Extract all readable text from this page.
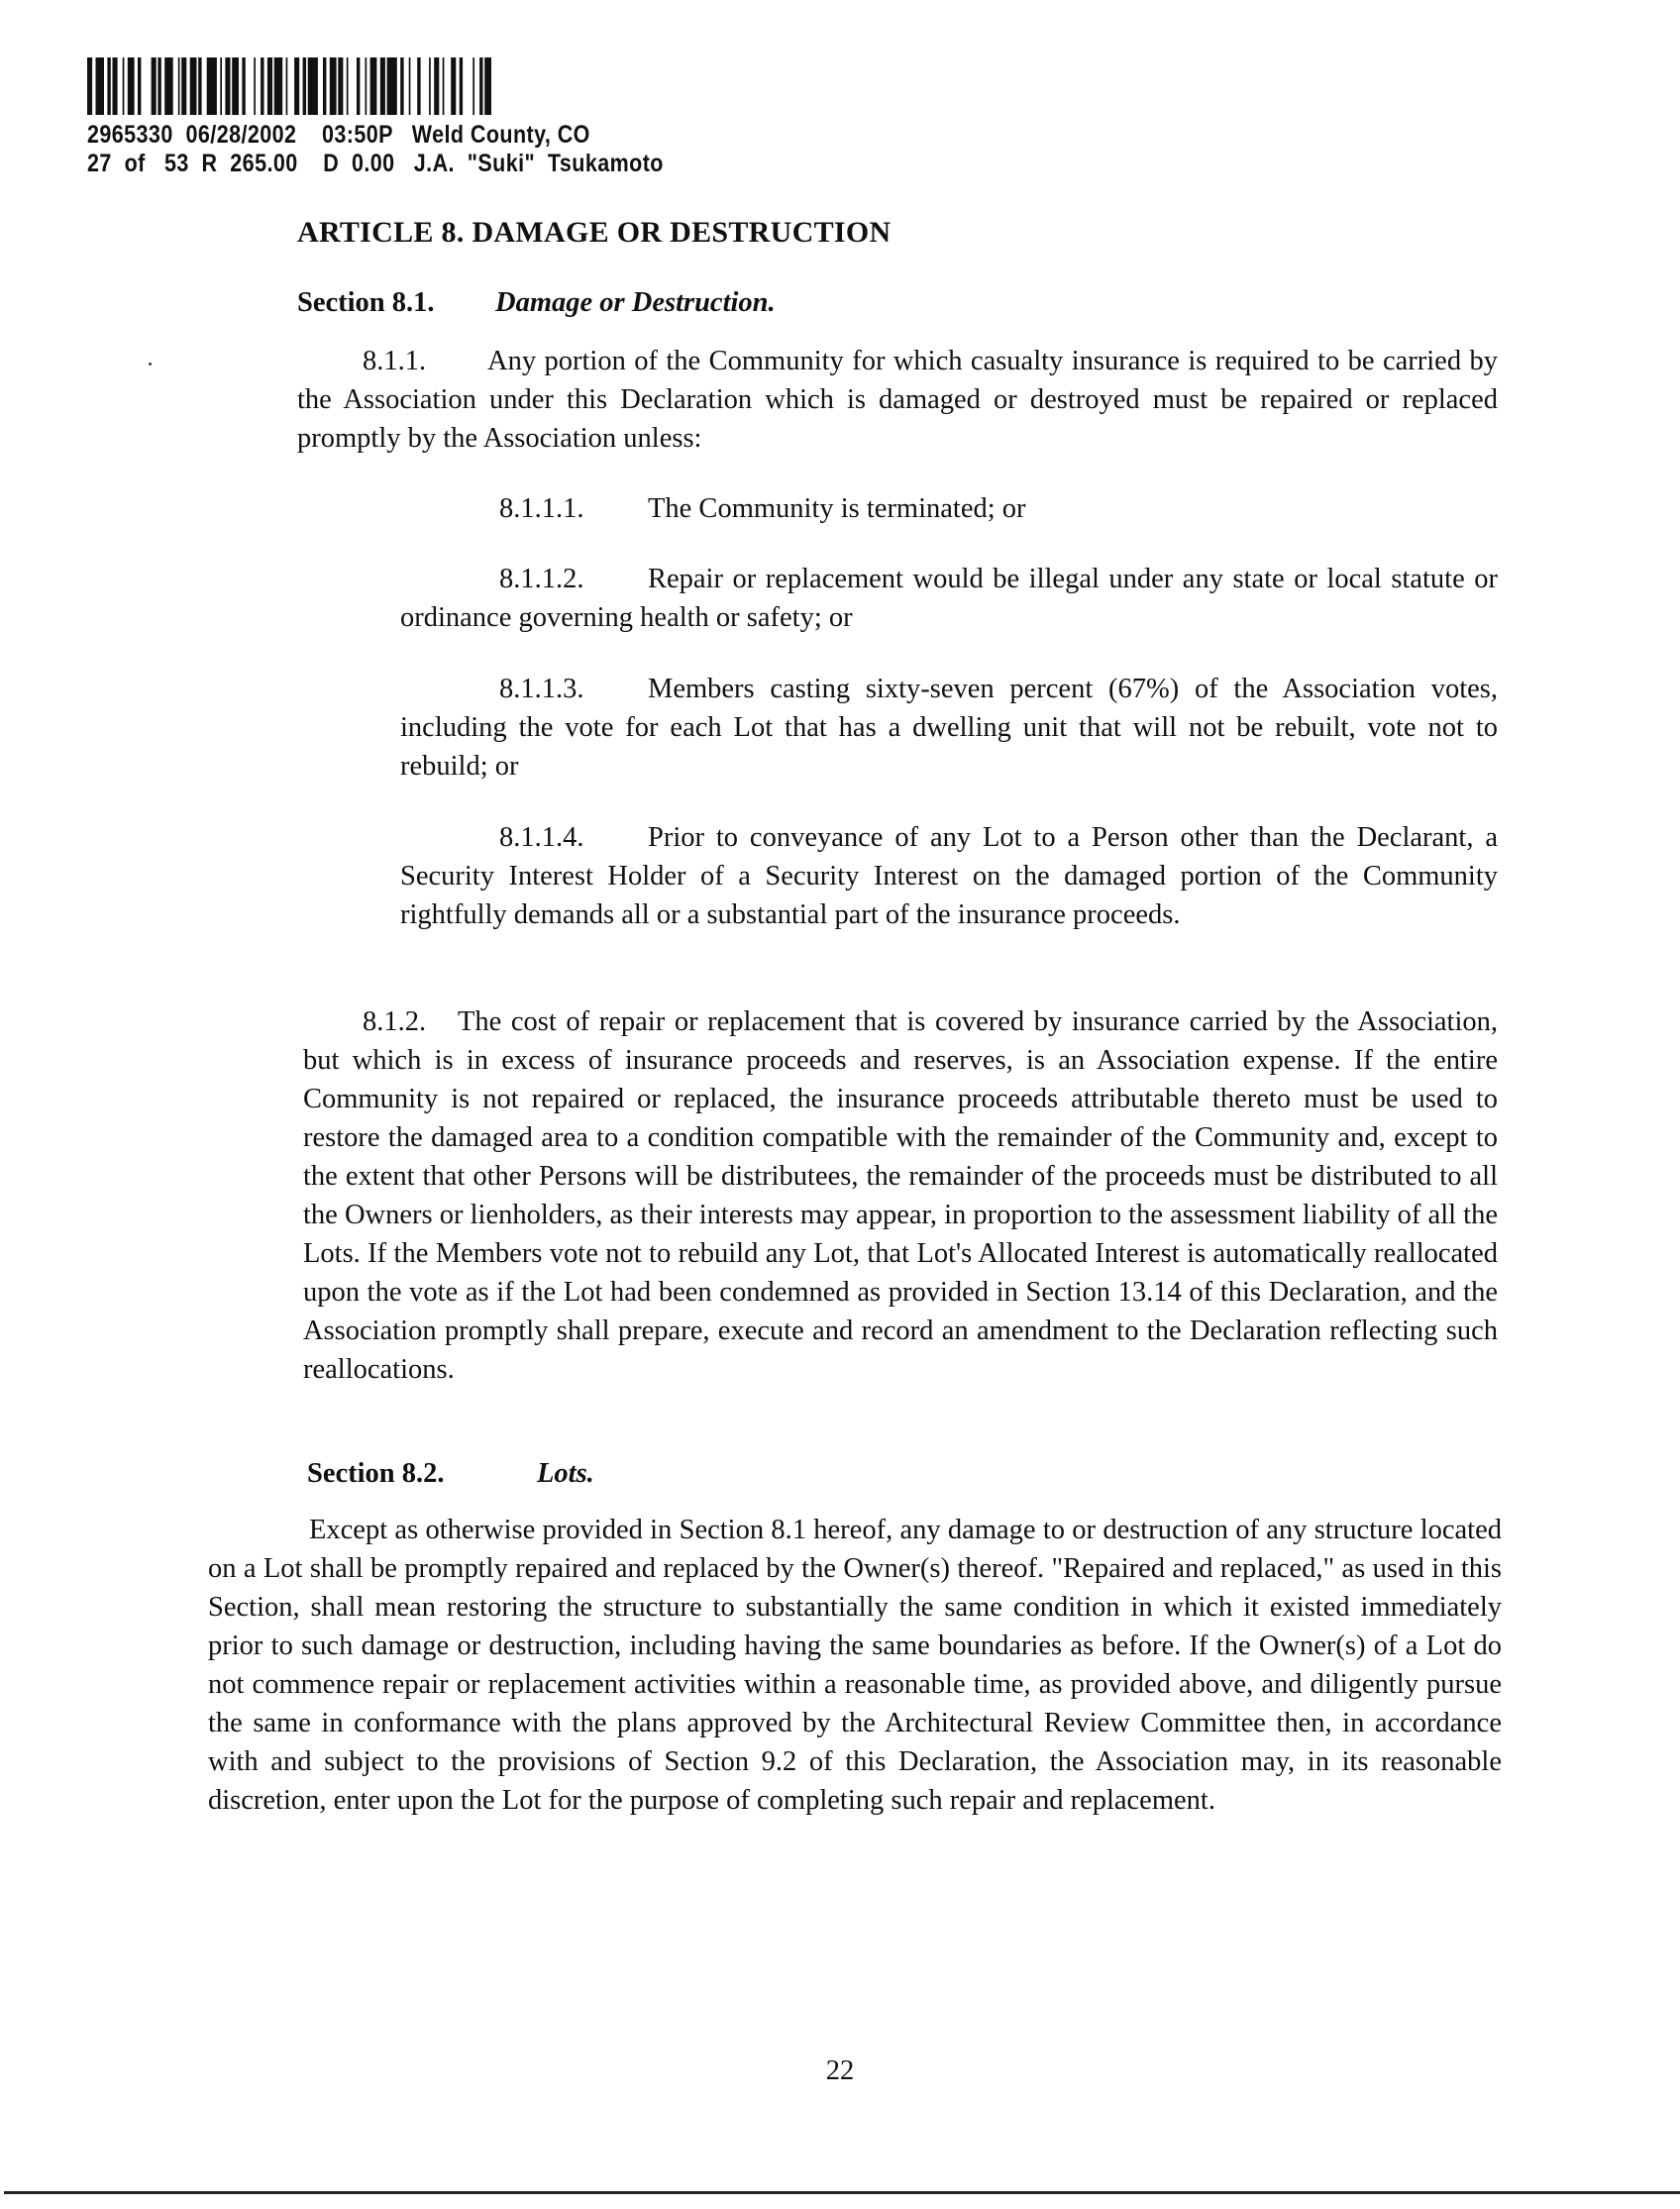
2965330  06/28/2002    03:50P   Weld County, CO
27  of   53  R  265.00    D  0.00   J.A.  "Suki"  Tsukamoto
ARTICLE 8. DAMAGE OR DESTRUCTION
Section 8.1. Damage or Destruction.

8.1.1. Any portion of the Community for which casualty insurance is required to be carried by the Association under this Declaration which is damaged or destroyed must be repaired or replaced promptly by the Association unless:

8.1.1.1. The Community is terminated; or

8.1.1.2. Repair or replacement would be illegal under any state or local statute or ordinance governing health or safety; or

8.1.1.3. Members casting sixty-seven percent (67%) of the Association votes, including the vote for each Lot that has a dwelling unit that will not be rebuilt, vote not to rebuild; or

8.1.1.4. Prior to conveyance of any Lot to a Person other than the Declarant, a Security Interest Holder of a Security Interest on the damaged portion of the Community rightfully demands all or a substantial part of the insurance proceeds.

8.1.2. The cost of repair or replacement that is covered by insurance carried by the Association, but which is in excess of insurance proceeds and reserves, is an Association expense. If the entire Community is not repaired or replaced, the insurance proceeds attributable thereto must be used to restore the damaged area to a condition compatible with the remainder of the Community and, except to the extent that other Persons will be distributees, the remainder of the proceeds must be distributed to all the Owners or lienholders, as their interests may appear, in proportion to the assessment liability of all the Lots. If the Members vote not to rebuild any Lot, that Lot's Allocated Interest is automatically reallocated upon the vote as if the Lot had been condemned as provided in Section 13.14 of this Declaration, and the Association promptly shall prepare, execute and record an amendment to the Declaration reflecting such reallocations.

Section 8.2.	Lots.

Except as otherwise provided in Section 8.1 hereof, any damage to or destruction of any structure located on a Lot shall be promptly repaired and replaced by the Owner(s) thereof. "Repaired and replaced," as used in this Section, shall mean restoring the structure to substantially the same condition in which it existed immediately prior to such damage or destruction, including having the same boundaries as before. If the Owner(s) of a Lot do not commence repair or replacement activities within a reasonable time, as provided above, and diligently pursue the same in conformance with the plans approved by the Architectural Review Committee then, in accordance with and subject to the provisions of Section 9.2 of this Declaration, the Association may, in its reasonable discretion, enter upon the Lot for the purpose of completing such repair and replacement.

22
